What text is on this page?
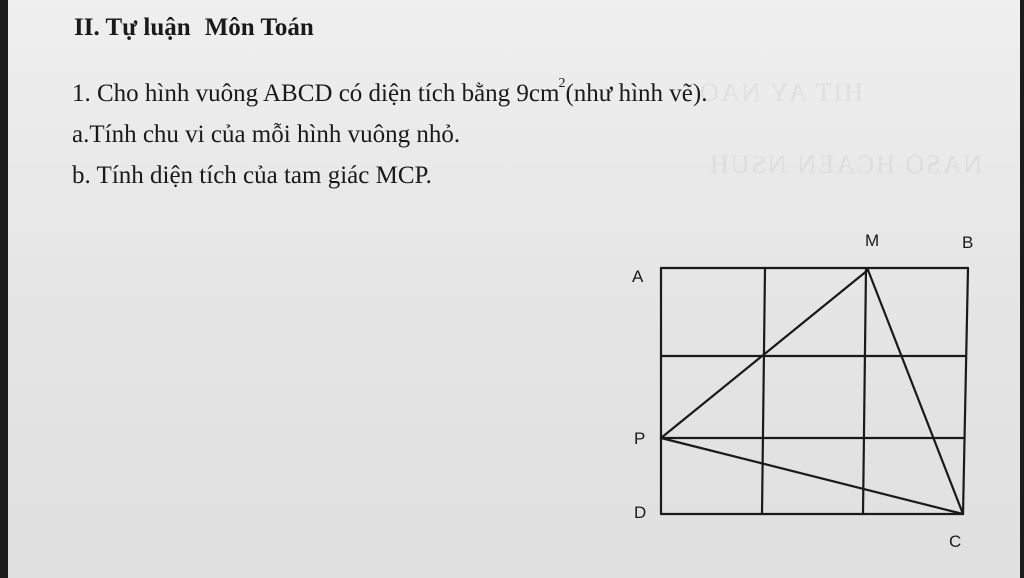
HIT AY NAO
NASO HCAEN NSUH
II. Tự luận Môn Toán
1. Cho hình vuông ABCD có diện tích bằng $9cm^2(như$ hình vẽ).
a.Tính chu vi của mỗi hình vuông nhỏ.
b. Tính diện tích của tam giác MCP.
A
B
C
D
M
P
